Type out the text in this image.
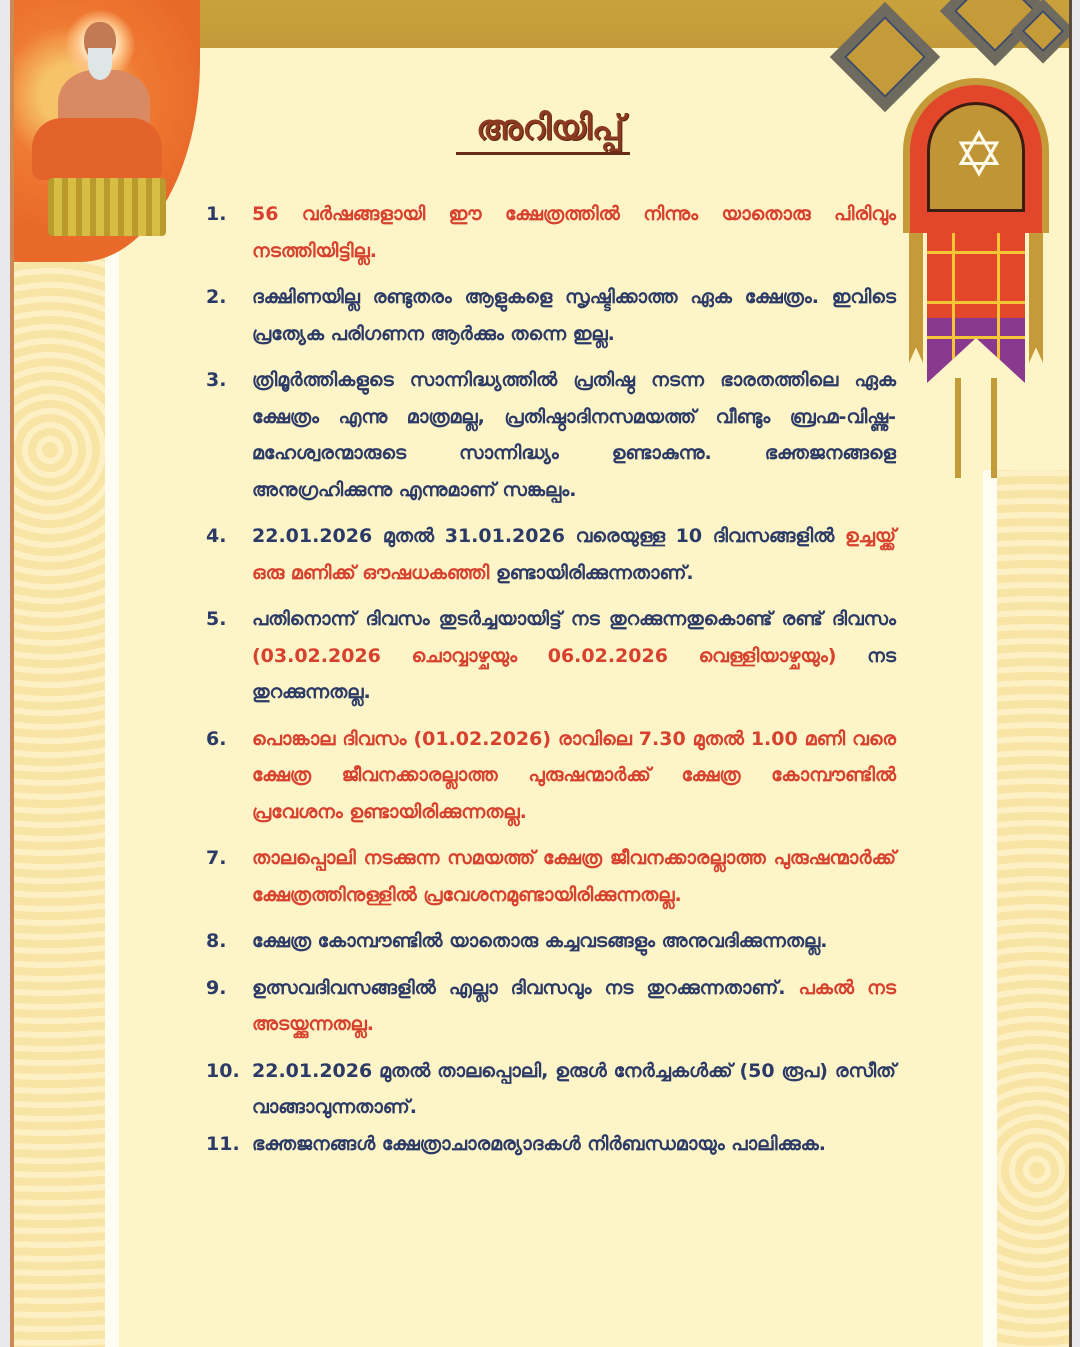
✡
അറിയിപ്പ്
1.	56 വർഷങ്ങളായി ഈ ക്ഷേത്രത്തിൽ നിന്നും യാതൊരു പിരിവും നടത്തിയിട്ടില്ല.
2.	ദക്ഷിണയില്ല രണ്ടുതരം ആളുകളെ സൃഷ്ടിക്കാത്ത ഏക ക്ഷേത്രം. ഇവിടെ പ്രത്യേക പരിഗണന ആർക്കും തന്നെ ഇല്ല.
3.	ത്രിമൂർത്തികളുടെ സാന്നിദ്ധ്യത്തിൽ പ്രതിഷ്ഠ നടന്ന ഭാരതത്തിലെ ഏക ക്ഷേത്രം എന്നു മാത്രമല്ല, പ്രതിഷ്ഠാദിനസമയത്ത് വീണ്ടും ബ്രഹ്മ-വിഷ്ണു-മഹേശ്വരന്മാരുടെ സാന്നിദ്ധ്യം ഉണ്ടാകുന്നു. ഭക്തജനങ്ങളെ അനുഗ്രഹിക്കുന്നു എന്നുമാണ് സങ്കല്പം.
4.	22.01.2026 മുതൽ 31.01.2026 വരെയുള്ള 10 ദിവസങ്ങളിൽ ഉച്ചയ്ക്ക് ഒരു മണിക്ക് ഔഷധകഞ്ഞി ഉണ്ടായിരിക്കുന്നതാണ്.
5.	പതിനൊന്ന് ദിവസം തുടർച്ചയായിട്ട് നട തുറക്കുന്നതുകൊണ്ട് രണ്ട് ദിവസം (03.02.2026 ചൊവ്വാഴ്ചയും 06.02.2026 വെള്ളിയാഴ്ചയും) നട തുറക്കുന്നതല്ല.
6.	പൊങ്കാല ദിവസം (01.02.2026) രാവിലെ 7.30 മുതൽ 1.00 മണി വരെ ക്ഷേത്ര ജീവനക്കാരല്ലാത്ത പുരുഷന്മാർക്ക് ക്ഷേത്ര കോമ്പൗണ്ടിൽ പ്രവേശനം ഉണ്ടായിരിക്കുന്നതല്ല.
7.	താലപ്പൊലി നടക്കുന്ന സമയത്ത് ക്ഷേത്ര ജീവനക്കാരല്ലാത്ത പുരുഷന്മാർക്ക് ക്ഷേത്രത്തിനുള്ളിൽ പ്രവേശനമുണ്ടായിരിക്കുന്നതല്ല.
8.	ക്ഷേത്ര കോമ്പൗണ്ടിൽ യാതൊരു കച്ചവടങ്ങളും അനുവദിക്കുന്നതല്ല.
9.	ഉത്സവദിവസങ്ങളിൽ എല്ലാ ദിവസവും നട തുറക്കുന്നതാണ്. പകൽ നട അടയ്ക്കുന്നതല്ല.
10. 22.01.2026 മുതൽ താലപ്പൊലി, ഉരുൾ നേർച്ചകൾക്ക് (50 രൂപ) രസീത് വാങ്ങാവുന്നതാണ്.
11. ഭക്തജനങ്ങൾ ക്ഷേത്രാചാരമര്യാദകൾ നിർബന്ധമായും പാലിക്കുക.
